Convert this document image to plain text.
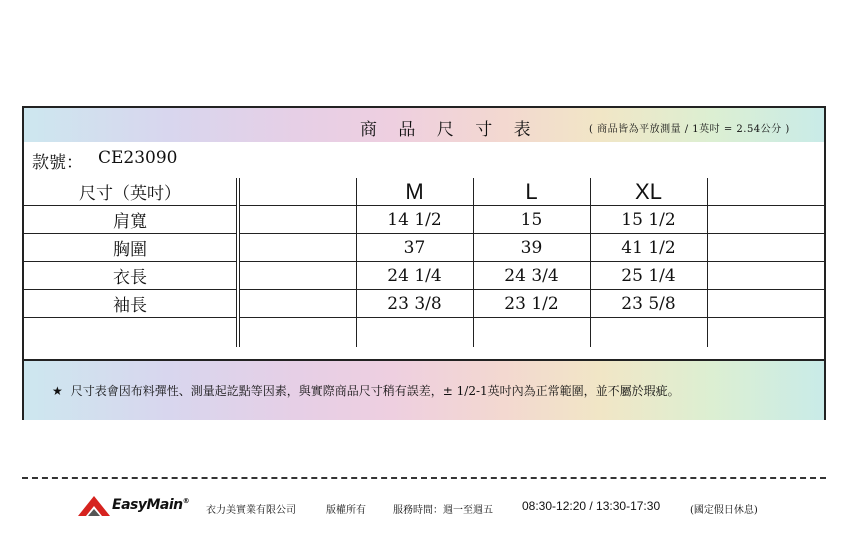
商 品 尺 寸 表	( 商品皆為平放測量 / 1英吋 = 2.54公分 )
款號： CE23090
尺寸（英吋）		M	L	XL	
肩寬		14 1/2	15	15 1/2	
胸圍		37	39	41 1/2	
衣長		24 1/4	24 3/4	25 1/4	
袖長		23 3/8	23 1/2	23 5/8	

★ 尺寸表會因布料彈性、測量起訖點等因素，與實際商品尺寸稍有誤差，± 1/2-1英吋內為正常範圍，並不屬於瑕疵。
EasyMain®
衣力美實業有限公司	版權所有	服務時間：週一至週五 08:30-12:20 / 13:30-17:30	(國定假日休息)
